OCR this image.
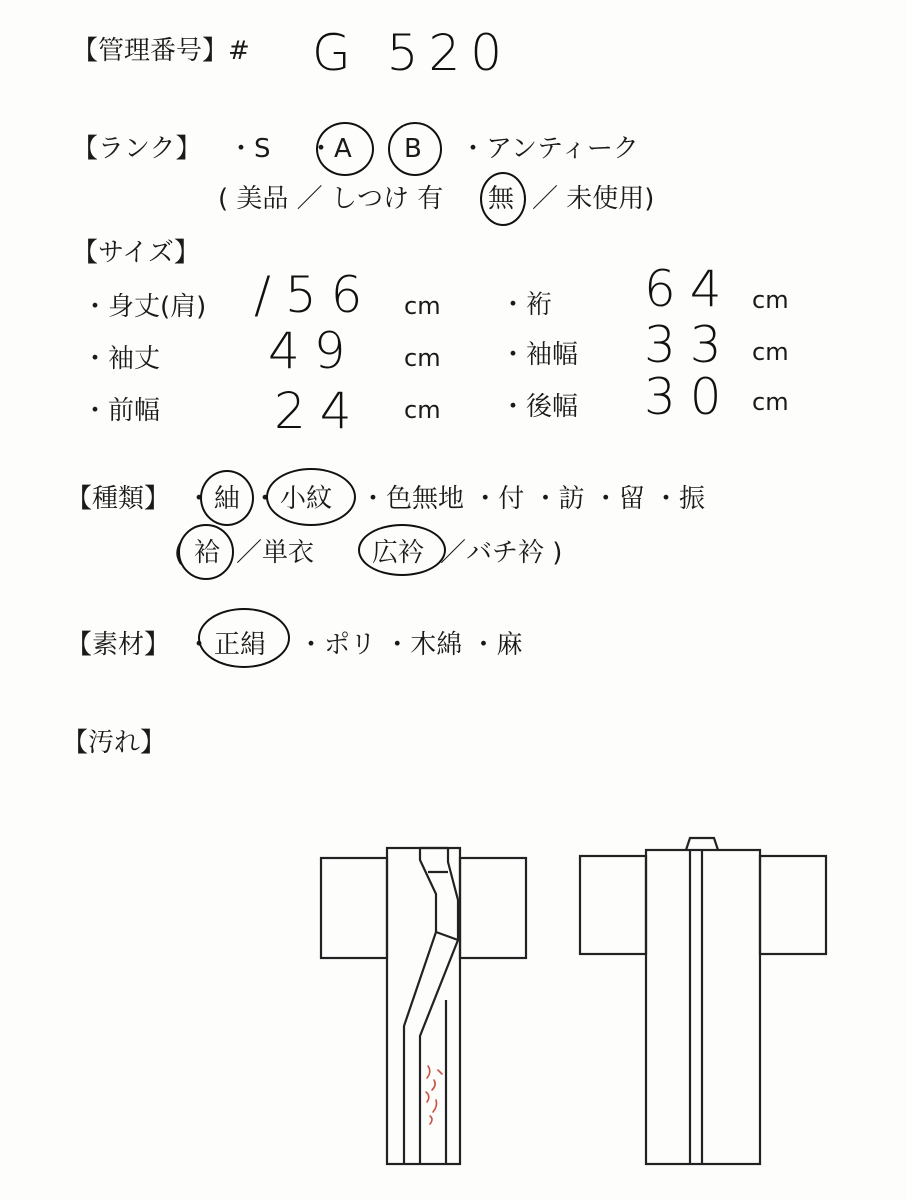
【管理番号】# G 520
【ランク】 ・S ・A B ・アンティーク
( 美品 ／ しつけ 有 無 ／ 未使用)
【サイズ】
・身丈(肩) /56 cm ・裄 64 cm
・袖丈 49 cm ・袖幅 33 cm
・前幅 24 cm ・後幅 30 cm
【種類】 ・ 紬 ・ 小紋 ・色無地 ・付 ・訪 ・留 ・振
( 袷 ／単衣 広衿 ／バチ衿 )
【素材】 ・ 正絹 ・ポリ ・木綿 ・麻
【汚れ】
